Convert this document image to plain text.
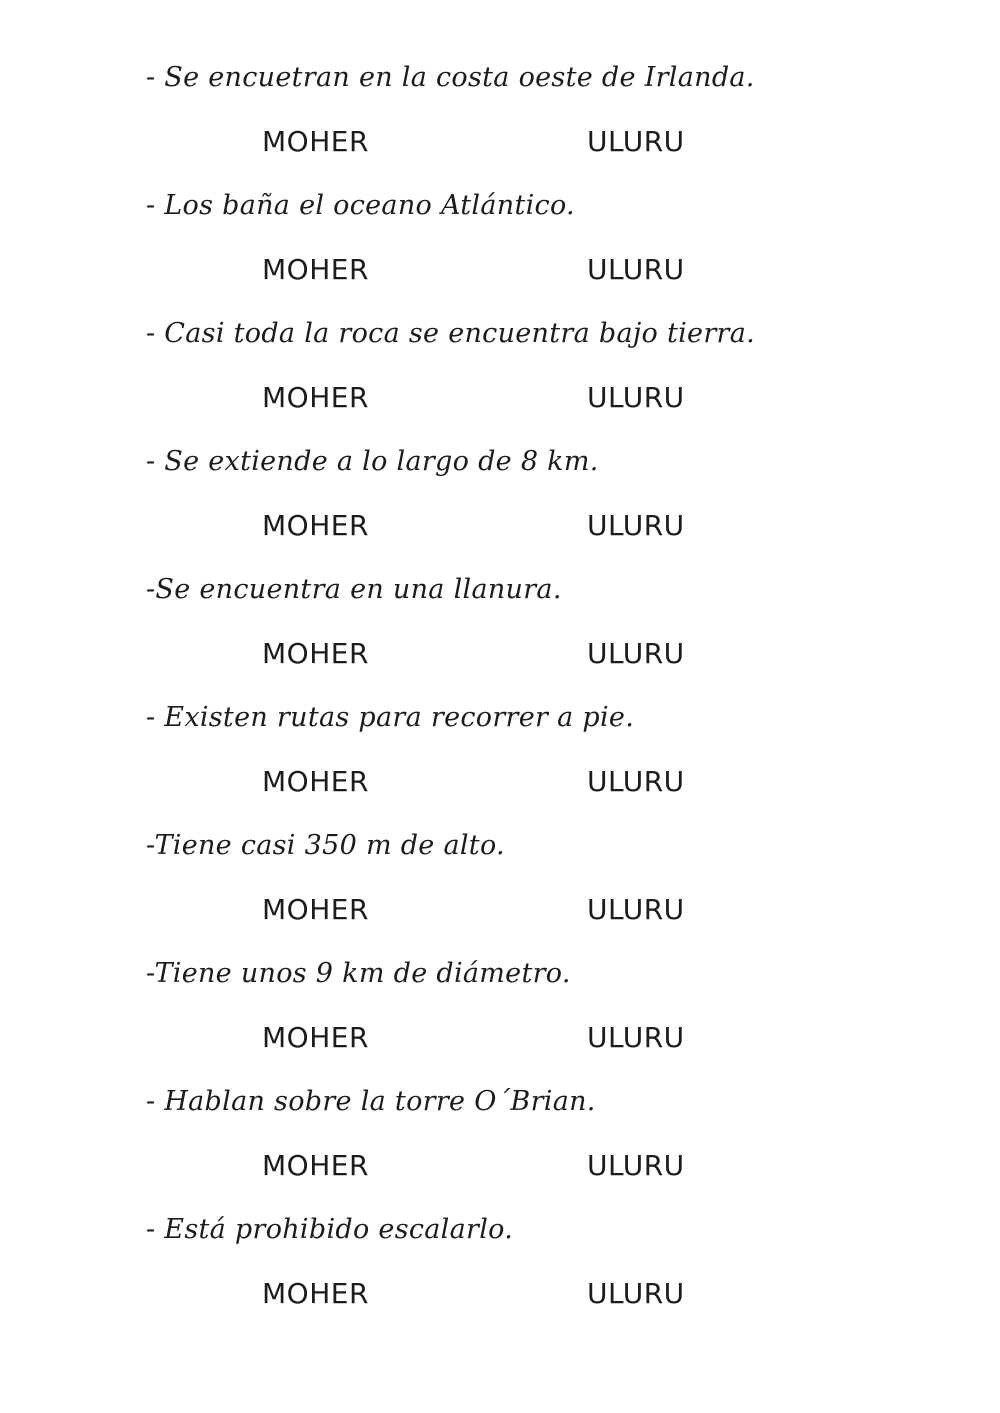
- Se encuetran en la costa oeste de Irlanda.
MOHER	ULURU
- Los baña el oceano Atlántico.
MOHER	ULURU
- Casi toda la roca se encuentra bajo tierra.
MOHER	ULURU
- Se extiende a lo largo de 8 km.
MOHER	ULURU
-Se encuentra en una llanura.
MOHER	ULURU
- Existen rutas para recorrer a pie.
MOHER	ULURU
-Tiene casi 350 m de alto.
MOHER	ULURU
-Tiene unos 9 km de diámetro.
MOHER	ULURU
- Hablan sobre la torre O´Brian.
MOHER	ULURU
- Está prohibido escalarlo.
MOHER	ULURU
